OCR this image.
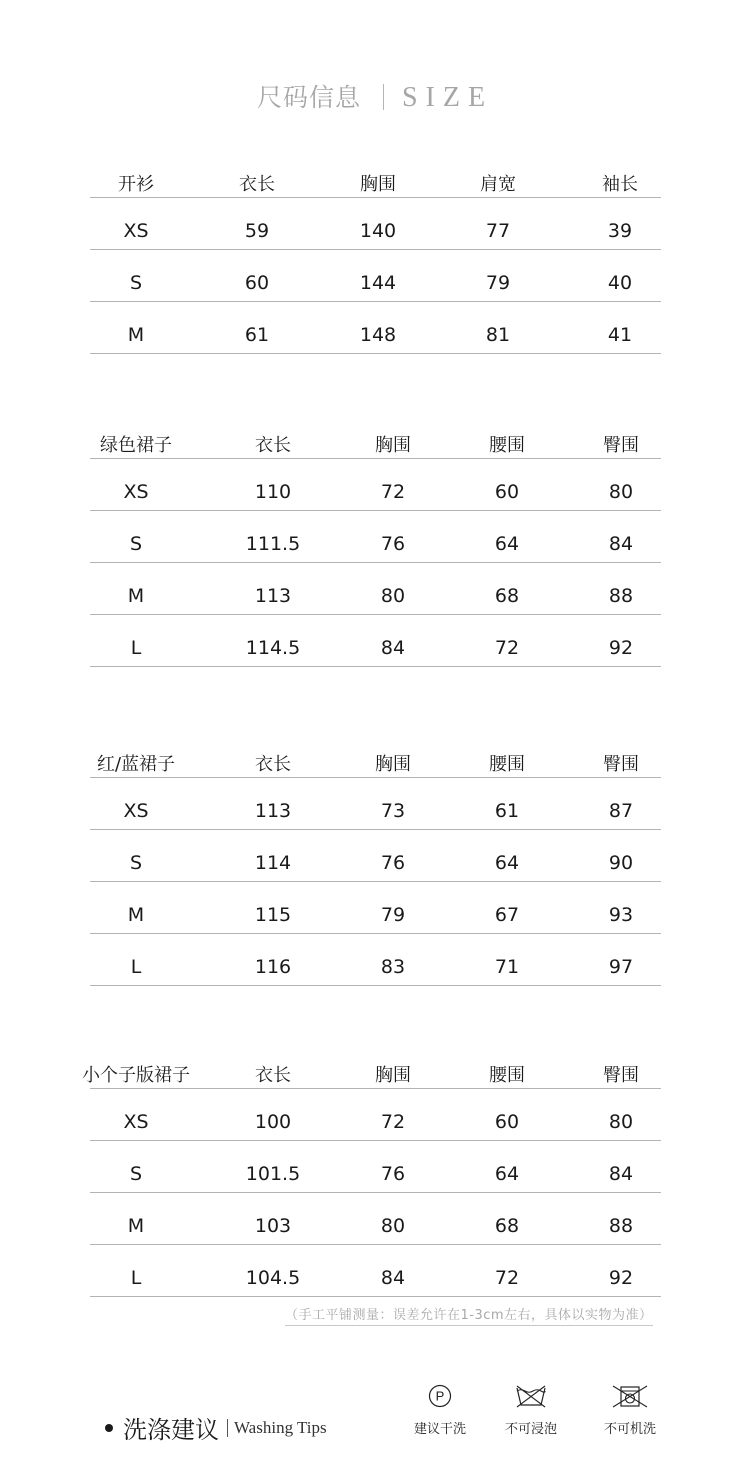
尺码信息 SIZE
开衫	衣长	胸围	肩宽	袖长
XS	59	140	77	39
S	60	144	79	40
M	61	148	81	41
绿色裙子	衣长	胸围	腰围	臀围
XS	110	72	60	80
S	111.5	76	64	84
M	113	80	68	88
L	114.5	84	72	92
红/蓝裙子	衣长	胸围	腰围	臀围
XS	113	73	61	87
S	114	76	64	90
M	115	79	67	93
L	116	83	71	97
小个子版裙子	衣长	胸围	腰围	臀围
XS	100	72	60	80
S	101.5	76	64	84
M	103	80	68	88
L	104.5	84	72	92
（手工平铺测量：误差允许在1-3cm左右，具体以实物为准）
洗涤建议 Washing Tips
P
建议干洗	不可浸泡	不可机洗
